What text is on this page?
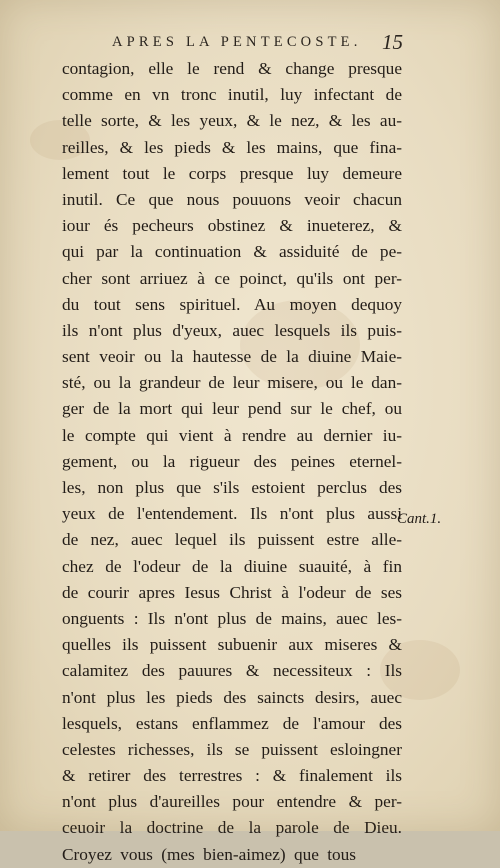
APRES LA PENTECOSTE. 15
contagion, elle le rend & change presque
comme en vn tronc inutil, luy infectant de
telle sorte, & les yeux, & le nez, & les au-
reilles, & les pieds & les mains, que fina-
lement tout le corps presque luy demeure
inutil. Ce que nous pouuons veoir chacun
iour és pecheurs obstinez & inueterez, &
qui par la continuation & assiduité de pe-
cher sont arriuez à ce poinct, qu'ils ont per-
du tout sens spirituel. Au moyen dequoy
ils n'ont plus d'yeux, auec lesquels ils puis-
sent veoir ou la hautesse de la diuine Maie-
sté, ou la grandeur de leur misere, ou le dan-
ger de la mort qui leur pend sur le chef, ou
le compte qui vient à rendre au dernier iu-
gement, ou la rigueur des peines eternel-
les, non plus que s'ils estoient perclus des
yeux de l'entendement. Ils n'ont plus aussi
de nez, auec lequel ils puissent estre alle-
chez de l'odeur de la diuine suauité, à fin
de courir apres Iesus Christ à l'odeur de ses
onguents : Ils n'ont plus de mains, auec les-
quelles ils puissent subuenir aux miseres &
calamitez des pauures & necessiteux : Ils
n'ont plus les pieds des saincts desirs, auec
lesquels, estans enflammez de l'amour des
celestes richesses, ils se puissent esloingner
& retirer des terrestres : & finalement ils
n'ont plus d'aureilles pour entendre & per-
ceuoir la doctrine de la parole de Dieu.
Croyez vous (mes bien-aimez) que tous
Cant.1.
